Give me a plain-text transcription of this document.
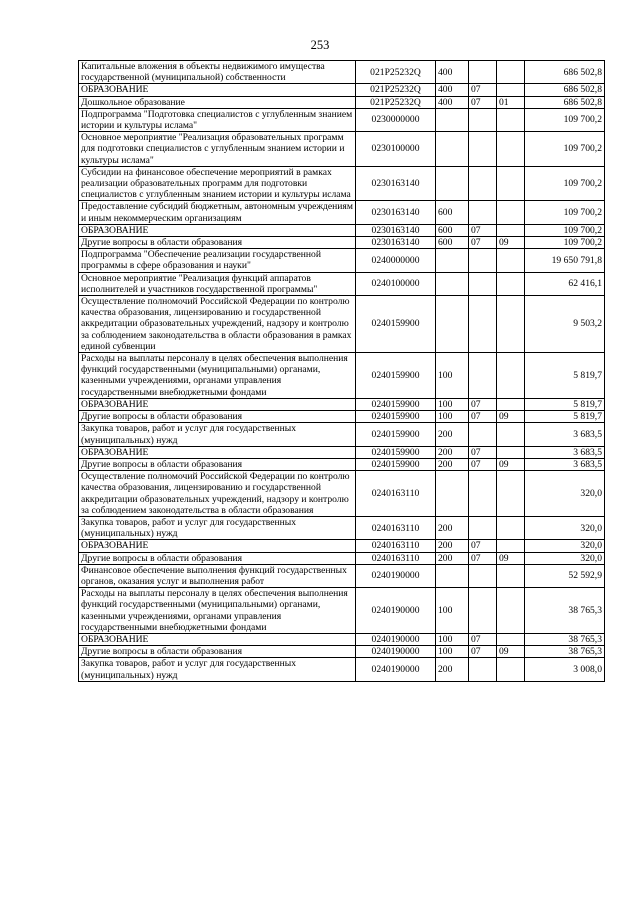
253
Капитальные вложения в объекты недвижимого имущества государственной (муниципальной) собственности	021P25232Q	400			686 502,8
ОБРАЗОВАНИЕ	021P25232Q	400	07		686 502,8
Дошкольное образование	021P25232Q	400	07	01	686 502,8
Подпрограмма "Подготовка специалистов с углубленным знанием истории и культуры ислама"	0230000000				109 700,2
Основное мероприятие "Реализация образовательных программ для подготовки специалистов с углубленным знанием истории и культуры ислама"	0230100000				109 700,2
Субсидии на финансовое обеспечение мероприятий в рамках реализации образовательных программ для подготовки специалистов с углубленным знанием истории и культуры ислама	0230163140				109 700,2
Предоставление субсидий бюджетным, автономным учреждениям и иным некоммерческим организациям	0230163140	600			109 700,2
ОБРАЗОВАНИЕ	0230163140	600	07		109 700,2
Другие вопросы в области образования	0230163140	600	07	09	109 700,2
Подпрограмма "Обеспечение реализации государственной программы в сфере образования и науки"	0240000000				19 650 791,8
Основное мероприятие "Реализация функций аппаратов исполнителей и участников государственной программы"	0240100000				62 416,1
Осуществление полномочий Российской Федерации по контролю качества образования, лицензированию и государственной аккредитации образовательных учреждений, надзору и контролю за соблюдением законодательства в области образования в рамках единой субвенции	0240159900				9 503,2
Расходы на выплаты персоналу в целях обеспечения выполнения функций государственными (муниципальными) органами, казенными учреждениями, органами управления государственными внебюджетными фондами	0240159900	100			5 819,7
ОБРАЗОВАНИЕ	0240159900	100	07		5 819,7
Другие вопросы в области образования	0240159900	100	07	09	5 819,7
Закупка товаров, работ и услуг для государственных (муниципальных) нужд	0240159900	200			3 683,5
ОБРАЗОВАНИЕ	0240159900	200	07		3 683,5
Другие вопросы в области образования	0240159900	200	07	09	3 683,5
Осуществление полномочий Российской Федерации по контролю качества образования, лицензированию и государственной аккредитации образовательных учреждений, надзору и контролю за соблюдением законодательства в области образования	0240163110				320,0
Закупка товаров, работ и услуг для государственных (муниципальных) нужд	0240163110	200			320,0
ОБРАЗОВАНИЕ	0240163110	200	07		320,0
Другие вопросы в области образования	0240163110	200	07	09	320,0
Финансовое обеспечение выполнения функций государственных органов, оказания услуг и выполнения работ	0240190000				52 592,9
Расходы на выплаты персоналу в целях обеспечения выполнения функций государственными (муниципальными) органами, казенными учреждениями, органами управления государственными внебюджетными фондами	0240190000	100			38 765,3
ОБРАЗОВАНИЕ	0240190000	100	07		38 765,3
Другие вопросы в области образования	0240190000	100	07	09	38 765,3
Закупка товаров, работ и услуг для государственных (муниципальных) нужд	0240190000	200			3 008,0
